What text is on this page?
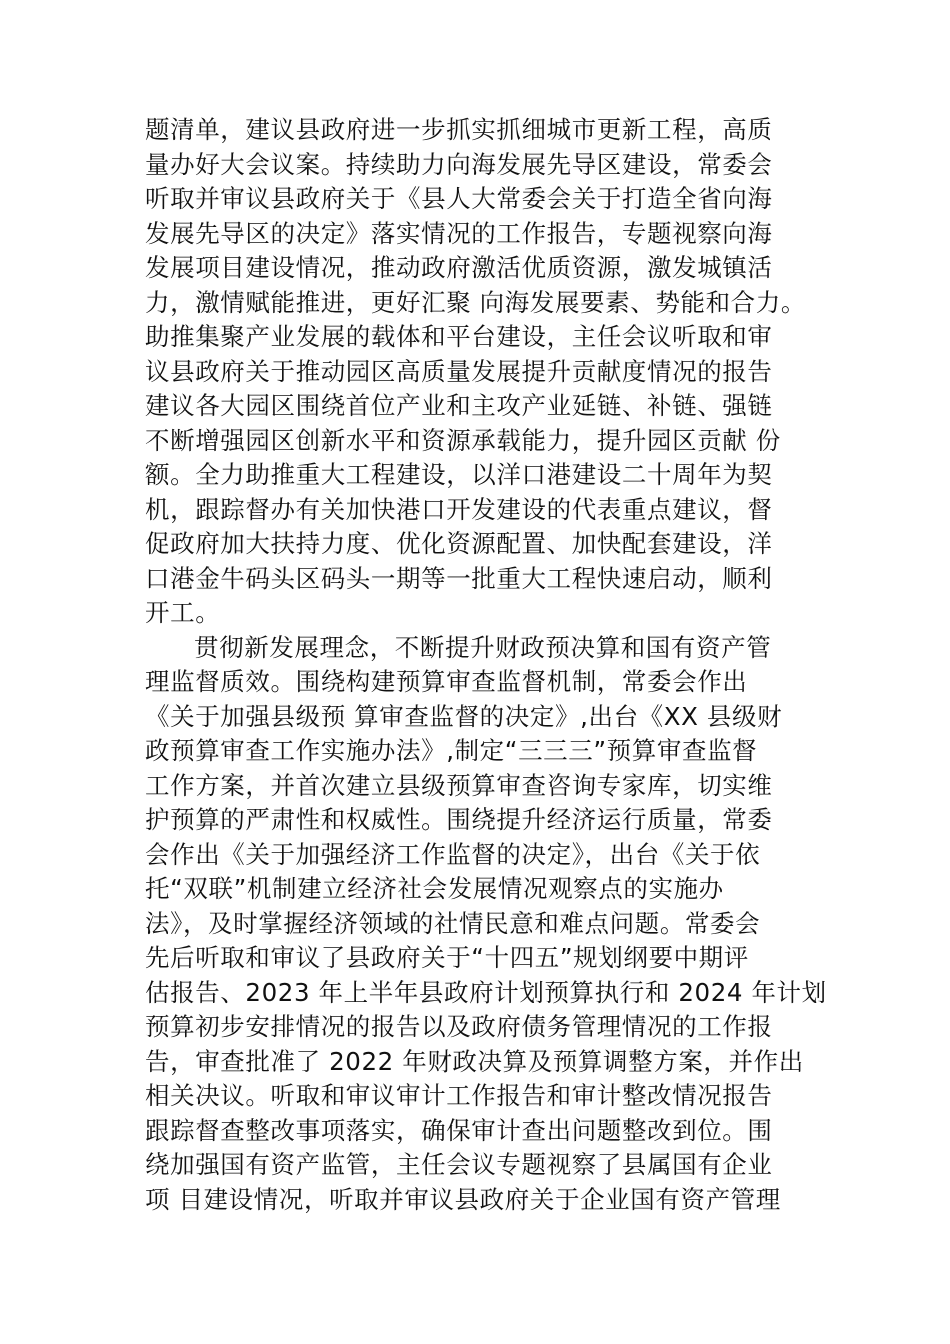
题清单，建议县政府进一步抓实抓细城市更新工程，高质
量办好大会议案。持续助力向海发展先导区建设，常委会
听取并审议县政府关于《县人大常委会关于打造全省向海
发展先导区的决定》落实情况的工作报告，专题视察向海
发展项目建设情况，推动政府激活优质资源，激发城镇活
力，激情赋能推进，更好汇聚 向海发展要素、势能和合力。
助推集聚产业发展的载体和平台建设，主任会议听取和审
议县政府关于推动园区高质量发展提升贡献度情况的报告
建议各大园区围绕首位产业和主攻产业延链、补链、强链
不断增强园区创新水平和资源承载能力，提升园区贡献 份
额。全力助推重大工程建设，以洋口港建设二十周年为契
机，跟踪督办有关加快港口开发建设的代表重点建议，督
促政府加大扶持力度、优化资源配置、加快配套建设，洋
口港金牛码头区码头一期等一批重大工程快速启动，顺利
开工。
贯彻新发展理念，不断提升财政预决算和国有资产管
理监督质效。围绕构建预算审查监督机制，常委会作出
《关于加强县级预 算审查监督的决定》,出台《XX 县级财
政预算审查工作实施办法》,制定“三三三”预算审查监督
工作方案，并首次建立县级预算审查咨询专家库，切实维
护预算的严肃性和权威性。围绕提升经济运行质量，常委
会作出《关于加强经济工作监督的决定》，出台《关于依
托“双联”机制建立经济社会发展情况观察点的实施办
法》，及时掌握经济领域的社情民意和难点问题。常委会
先后听取和审议了县政府关于“十四五”规划纲要中期评
估报告、2023 年上半年县政府计划预算执行和 2024 年计划
预算初步安排情况的报告以及政府债务管理情况的工作报
告，审查批准了 2022 年财政决算及预算调整方案，并作出
相关决议。听取和审议审计工作报告和审计整改情况报告
跟踪督查整改事项落实，确保审计查出问题整改到位。围
绕加强国有资产监管，主任会议专题视察了县属国有企业
项 目建设情况，听取并审议县政府关于企业国有资产管理
